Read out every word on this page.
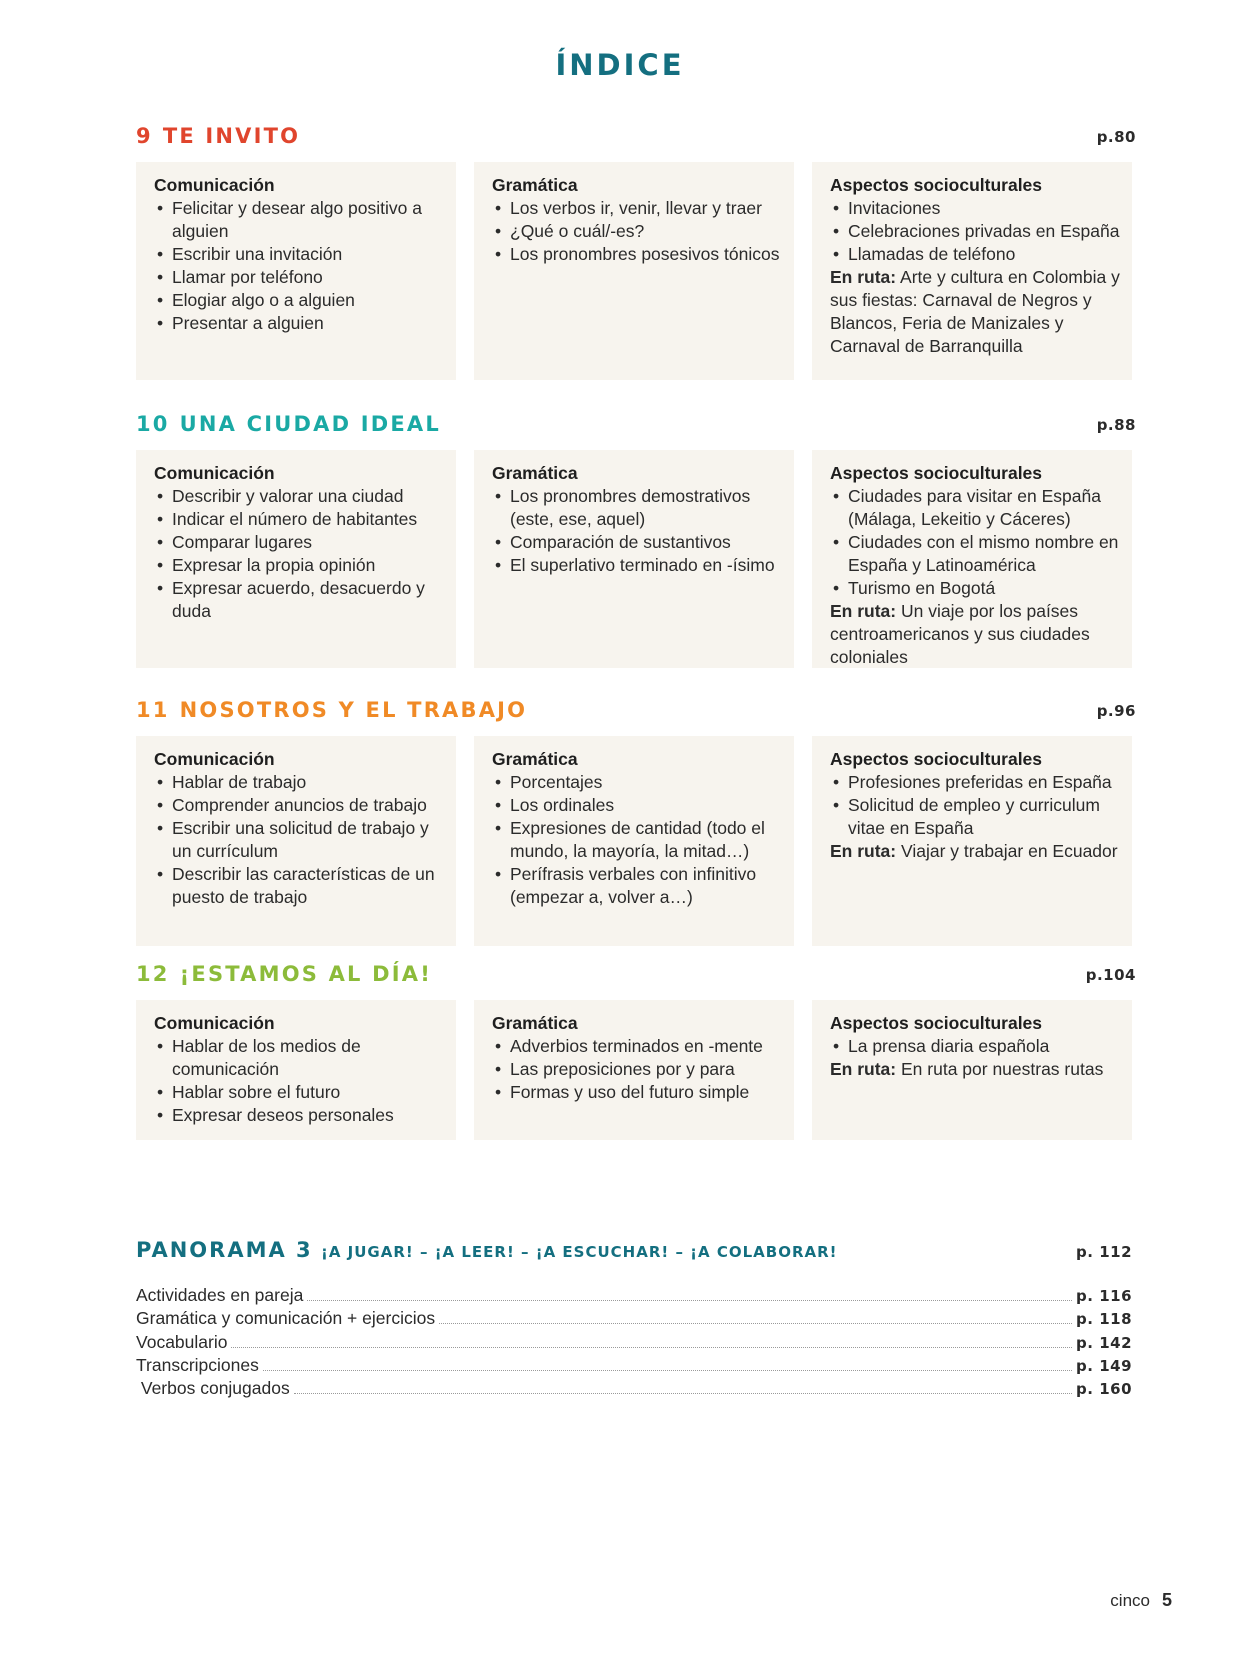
ÍNDICE
9 TE INVITO	p.80
Comunicación
• Felicitar y desear algo positivo a alguien
• Escribir una invitación
• Llamar por teléfono
• Elogiar algo o a alguien
• Presentar a alguien
Gramática
• Los verbos ir, venir, llevar y traer
• ¿Qué o cuál/-es?
• Los pronombres posesivos tónicos
Aspectos socioculturales
• Invitaciones
• Celebraciones privadas en España
• Llamadas de teléfono
En ruta: Arte y cultura en Colombia y sus fiestas: Carnaval de Negros y Blancos, Feria de Manizales y Carnaval de Barranquilla
10 UNA CIUDAD IDEAL	p.88
Comunicación
• Describir y valorar una ciudad
• Indicar el número de habitantes
• Comparar lugares
• Expresar la propia opinión
• Expresar acuerdo, desacuerdo y duda
Gramática
• Los pronombres demostrativos (este, ese, aquel)
• Comparación de sustantivos
• El superlativo terminado en -ísimo
Aspectos socioculturales
• Ciudades para visitar en España (Málaga, Lekeitio y Cáceres)
• Ciudades con el mismo nombre en España y Latinoamérica
• Turismo en Bogotá
En ruta: Un viaje por los países centroamericanos y sus ciudades coloniales
11 NOSOTROS Y EL TRABAJO	p.96
Comunicación
• Hablar de trabajo
• Comprender anuncios de trabajo
• Escribir una solicitud de trabajo y un currículum
• Describir las características de un puesto de trabajo
Gramática
• Porcentajes
• Los ordinales
• Expresiones de cantidad (todo el mundo, la mayoría, la mitad…)
• Perífrasis verbales con infinitivo (empezar a, volver a…)
Aspectos socioculturales
• Profesiones preferidas en España
• Solicitud de empleo y curriculum vitae en España
En ruta: Viajar y trabajar en Ecuador
12 ¡ESTAMOS AL DÍA!	p.104
Comunicación
• Hablar de los medios de comunicación
• Hablar sobre el futuro
• Expresar deseos personales
Gramática
• Adverbios terminados en -mente
• Las preposiciones por y para
• Formas y uso del futuro simple
Aspectos socioculturales
• La prensa diaria española
En ruta: En ruta por nuestras rutas
PANORAMA 3 ¡A JUGAR! – ¡A LEER! – ¡A ESCUCHAR! – ¡A COLABORAR!	p. 112
Actividades en pareja	p. 116
Gramática y comunicación + ejercicios	p. 118
Vocabulario	p. 142
Transcripciones	p. 149
Verbos conjugados	p. 160
cinco 5
